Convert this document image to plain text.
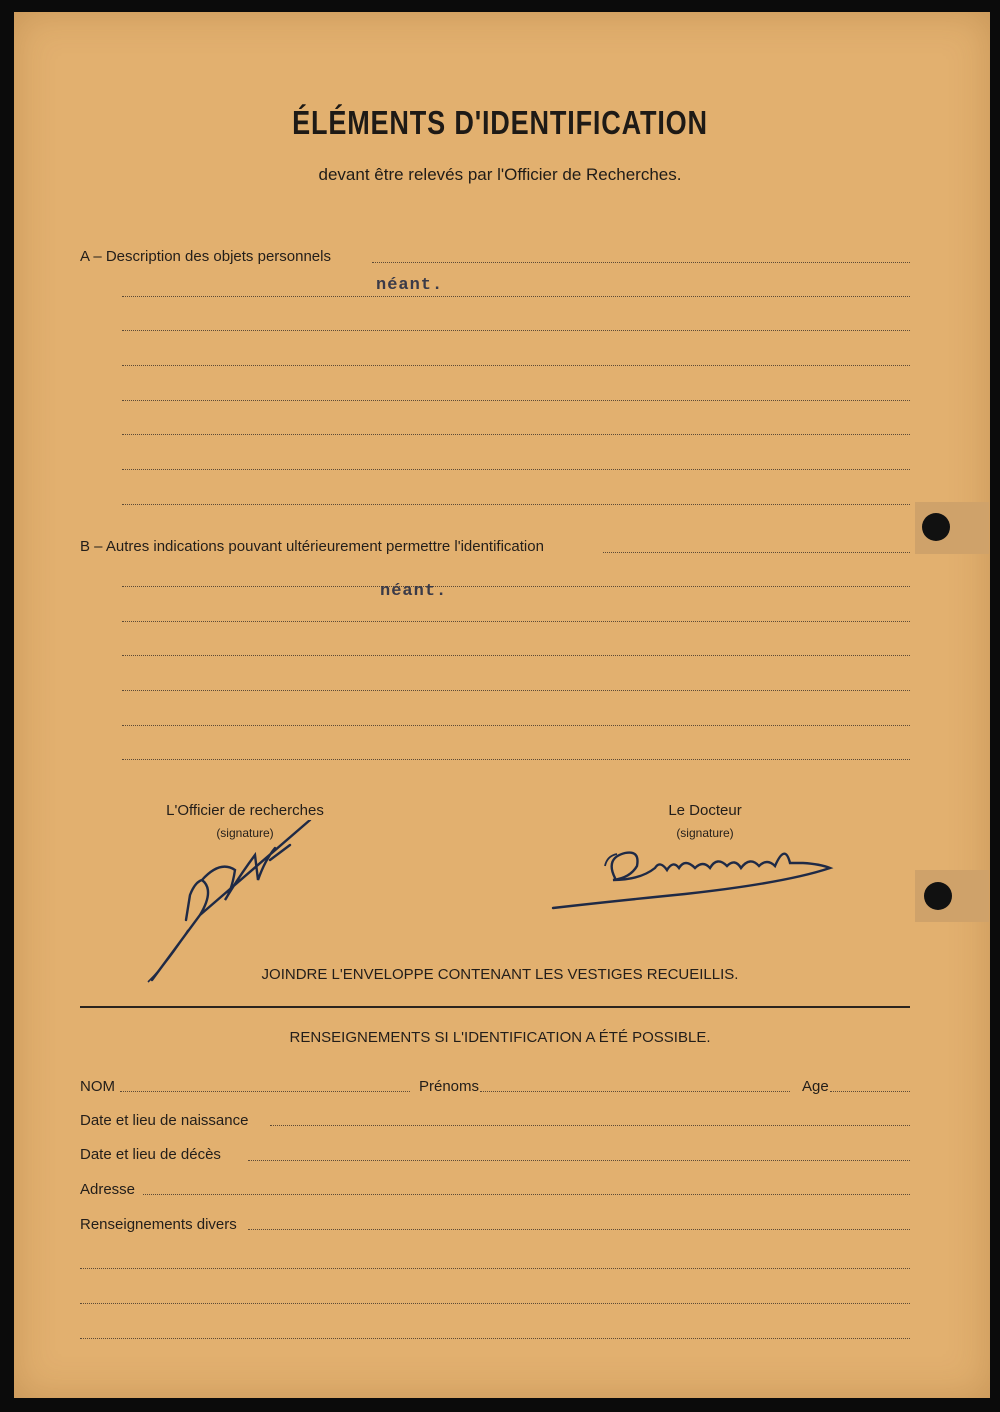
ÉLÉMENTS D'IDENTIFICATION
devant être relevés par l'Officier de Recherches.
A – Description des objets personnels
néant.
B – Autres indications pouvant ultérieurement permettre l'identification
néant.
L'Officier de recherches
(signature)
Le Docteur
(signature)
JOINDRE L'ENVELOPPE CONTENANT LES VESTIGES RECUEILLIS.
RENSEIGNEMENTS SI L'IDENTIFICATION A ÉTÉ POSSIBLE.
NOM	Prénoms	Age
Date et lieu de naissance
Date et lieu de décès
Adresse
Renseignements divers
